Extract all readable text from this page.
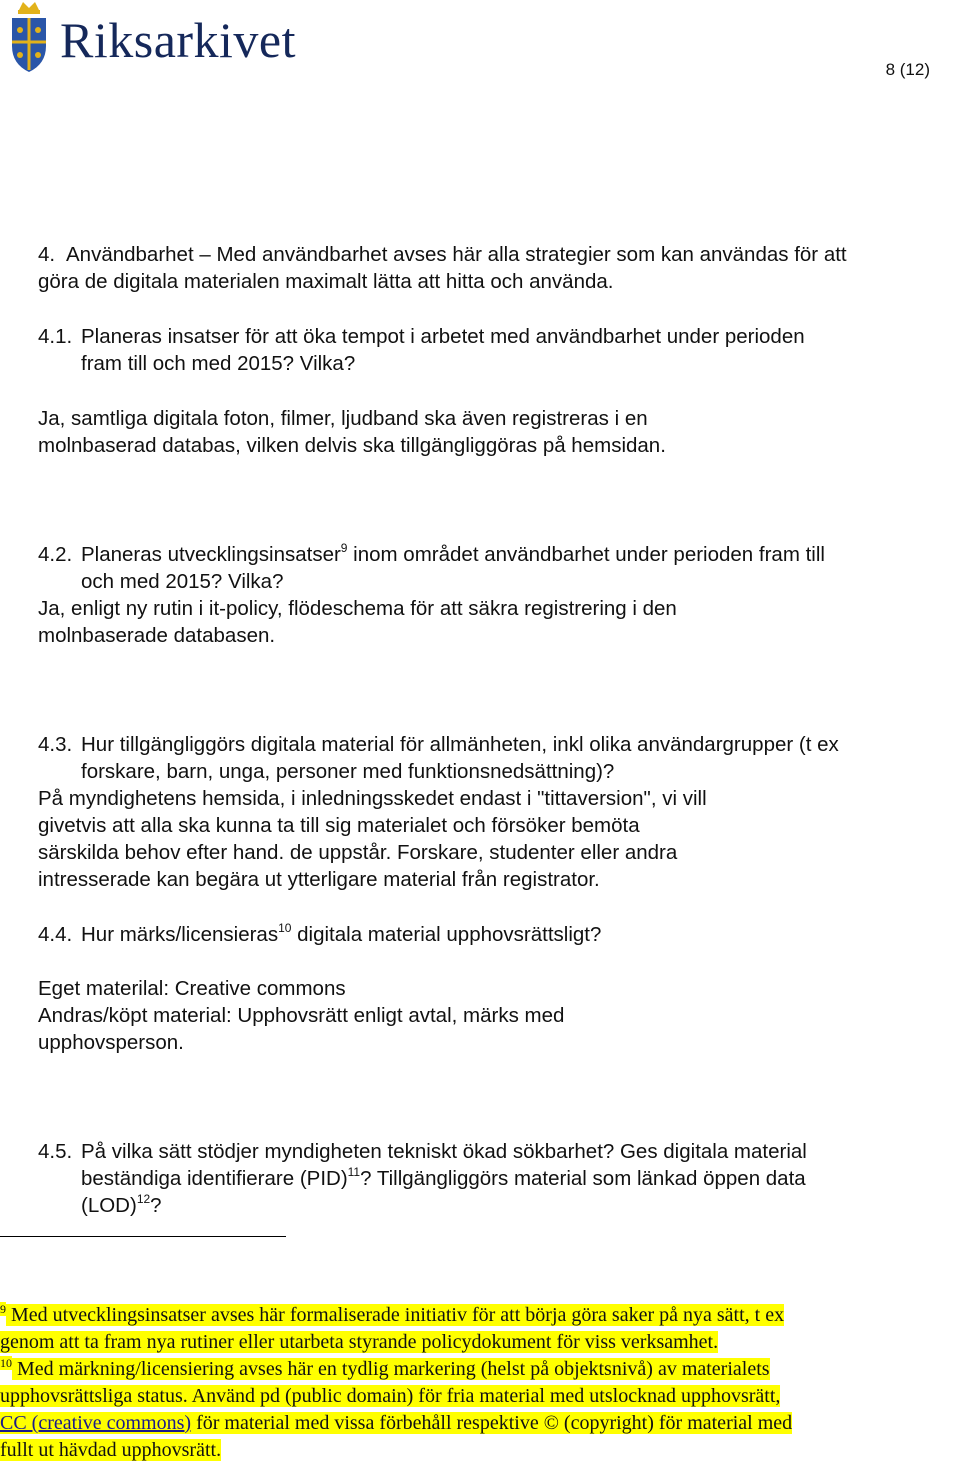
Riksarkivet
8 (12)
4. Användbarhet – Med användbarhet avses här alla strategier som kan användas för att
göra de digitala materialen maximalt lätta att hitta och använda.
4.1. Planeras insatser för att öka tempot i arbetet med användbarhet under perioden
fram till och med 2015? Vilka?
Ja, samtliga digitala foton, filmer, ljudband ska även registreras i en
molnbaserad databas, vilken delvis ska tillgängliggöras på hemsidan.
4.2. Planeras utvecklingsinsatser$^9$ inom området användbarhet under perioden fram till
och med 2015? Vilka?
Ja, enligt ny rutin i it-policy, flödeschema för att säkra registrering i den
molnbaserade databasen.
4.3. Hur tillgängliggörs digitala material för allmänheten, inkl olika användargrupper (t ex
forskare, barn, unga, personer med funktionsnedsättning)?
På myndighetens hemsida, i inledningsskedet endast i "tittaversion", vi vill
givetvis att alla ska kunna ta till sig materialet och försöker bemöta
särskilda behov efter hand. de uppstår. Forskare, studenter eller andra
intresserade kan begära ut ytterligare material från registrator.
4.4. Hur märks/licensieras$^{10}$ digitala material upphovsrättsligt?
Eget materilal: Creative commons
Andras/köpt material: Upphovsrätt enligt avtal, märks med
upphovsperson.
4.5. På vilka sätt stödjer myndigheten tekniskt ökad sökbarhet? Ges digitala material
beständiga identifierare (PID)$^{11}$? Tillgängliggörs material som länkad öppen data
(LOD)$^{12}$?
$^9$ Med utvecklingsinsatser avses här formaliserade initiativ för att börja göra saker på nya sätt, t ex
genom att ta fram nya rutiner eller utarbeta styrande policydokument för viss verksamhet.
$^{10}$ Med märkning/licensiering avses här en tydlig markering (helst på objektsnivå) av materialets
upphovsrättsliga status. Använd pd (public domain) för fria material med utslocknad upphovsrätt,
CC (creative commons) för material med vissa förbehåll respektive © (copyright) för material med
fullt ut hävdad upphovsrätt.
